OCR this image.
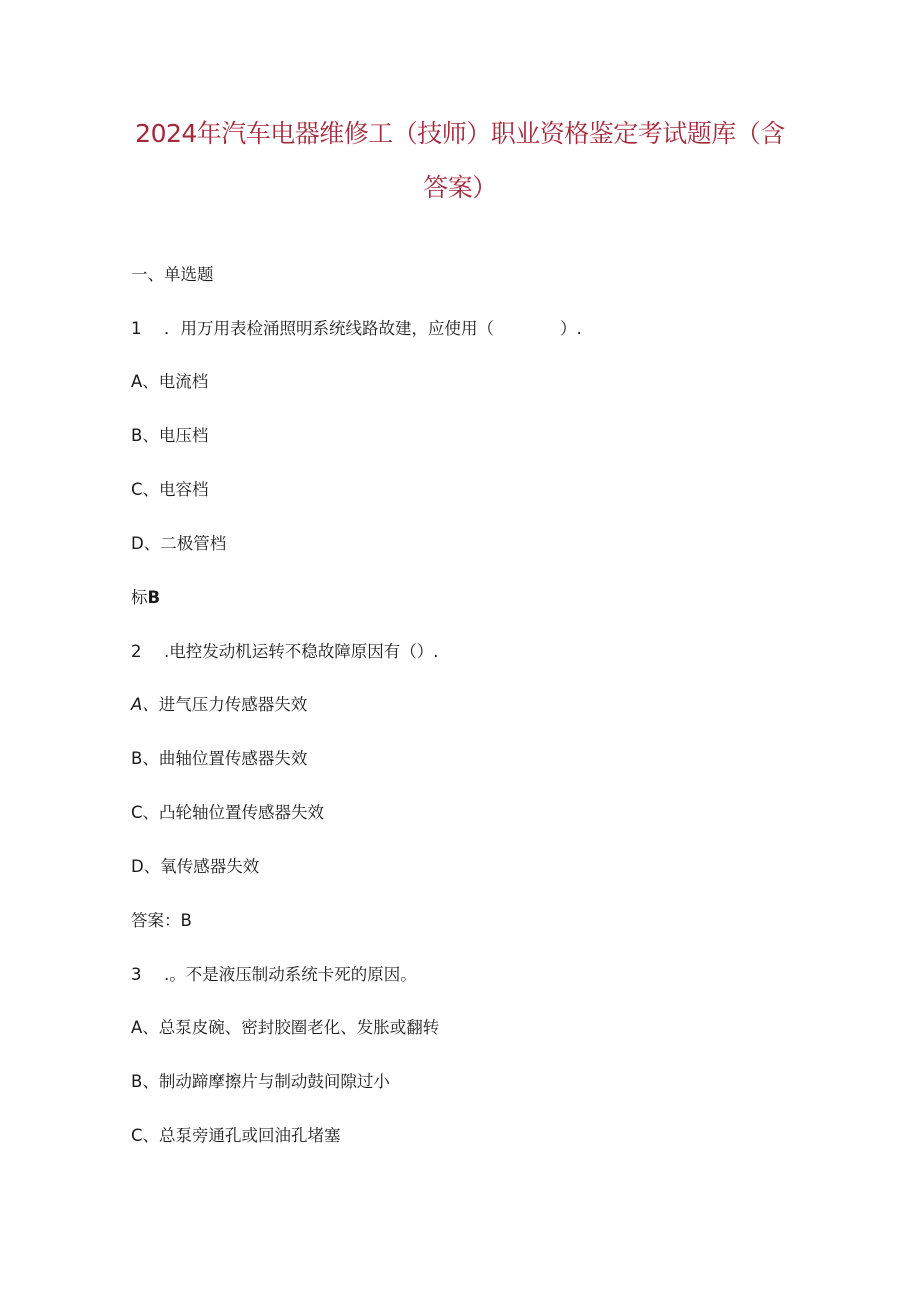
2024年汽车电器维修工（技师）职业资格鉴定考试题库（含
答案）
一、单选题
1 ．用万用表检涌照明系统线路故建，应使用（　　　　）.
A、电流档
B、电压档
C、电容档
D、二极管档
标B
2 .电控发动机运转不稳故障原因有（）.
A、进气压力传感器失效
B、曲轴位置传感器失效
C、凸轮轴位置传感器失效
D、氧传感器失效
答案：B
3 .。不是液压制动系统卡死的原因。
A、总泵皮碗、密封胶圈老化、发胀或翻转
B、制动蹄摩擦片与制动鼓间隙过小
C、总泵旁通孔或回油孔堵塞
